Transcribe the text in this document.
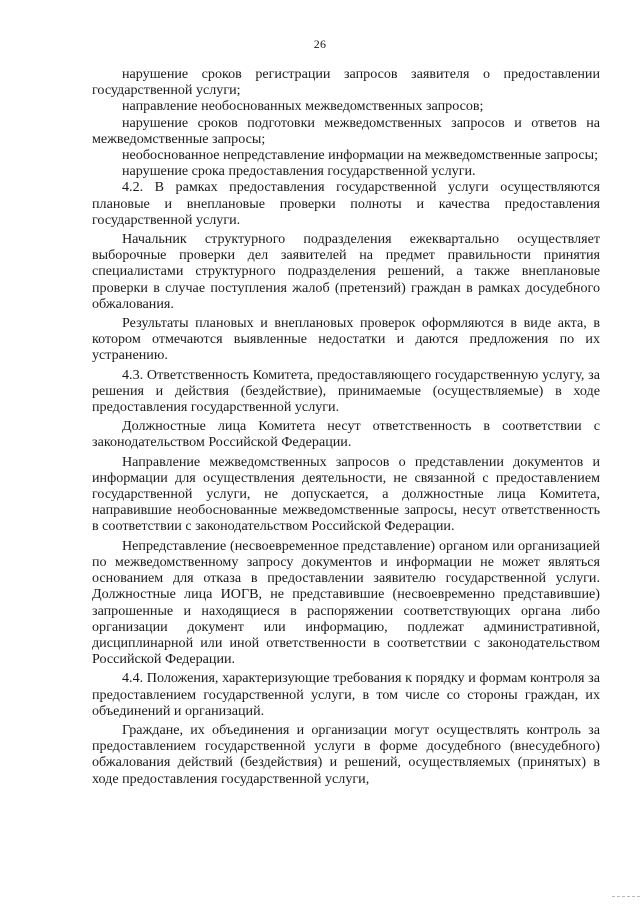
26

нарушение сроков регистрации запросов заявителя о предоставлении государственной услуги;

направление необоснованных межведомственных запросов;

нарушение сроков подготовки межведомственных запросов и ответов на межведомственные запросы;

необоснованное непредставление информации на межведомственные запросы;

нарушение срока предоставления государственной услуги.

4.2. В рамках предоставления государственной услуги осуществляются плановые и внеплановые проверки полноты и качества предоставления государственной услуги.

Начальник структурного подразделения ежеквартально осуществляет выборочные проверки дел заявителей на предмет правильности принятия специалистами структурного подразделения решений, а также внеплановые проверки в случае поступления жалоб (претензий) граждан в рамках досудебного обжалования.

Результаты плановых и внеплановых проверок оформляются в виде акта, в котором отмечаются выявленные недостатки и даются предложения по их устранению.

4.3. Ответственность Комитета, предоставляющего государственную услугу, за решения и действия (бездействие), принимаемые (осуществляемые) в ходе предоставления государственной услуги.

Должностные лица Комитета несут ответственность в соответствии с законодательством Российской Федерации.

Направление межведомственных запросов о представлении документов и информации для осуществления деятельности, не связанной с предоставлением государственной услуги, не допускается, а должностные лица Комитета, направившие необоснованные межведомственные запросы, несут ответственность в соответствии с законодательством Российской Федерации.

Непредставление (несвоевременное представление) органом или организацией по межведомственному запросу документов и информации не может являться основанием для отказа в предоставлении заявителю государственной услуги. Должностные лица ИОГВ, не представившие (несвоевременно представившие) запрошенные и находящиеся в распоряжении соответствующих органа либо организации документ или информацию, подлежат административной, дисциплинарной или иной ответственности в соответствии с законодательством Российской Федерации.

4.4. Положения, характеризующие требования к порядку и формам контроля за предоставлением государственной услуги, в том числе со стороны граждан, их объединений и организаций.

Граждане, их объединения и организации могут осуществлять контроль за предоставлением государственной услуги в форме досудебного (внесудебного) обжалования действий (бездействия) и решений, осуществляемых (принятых) в ходе предоставления государственной услуги,
